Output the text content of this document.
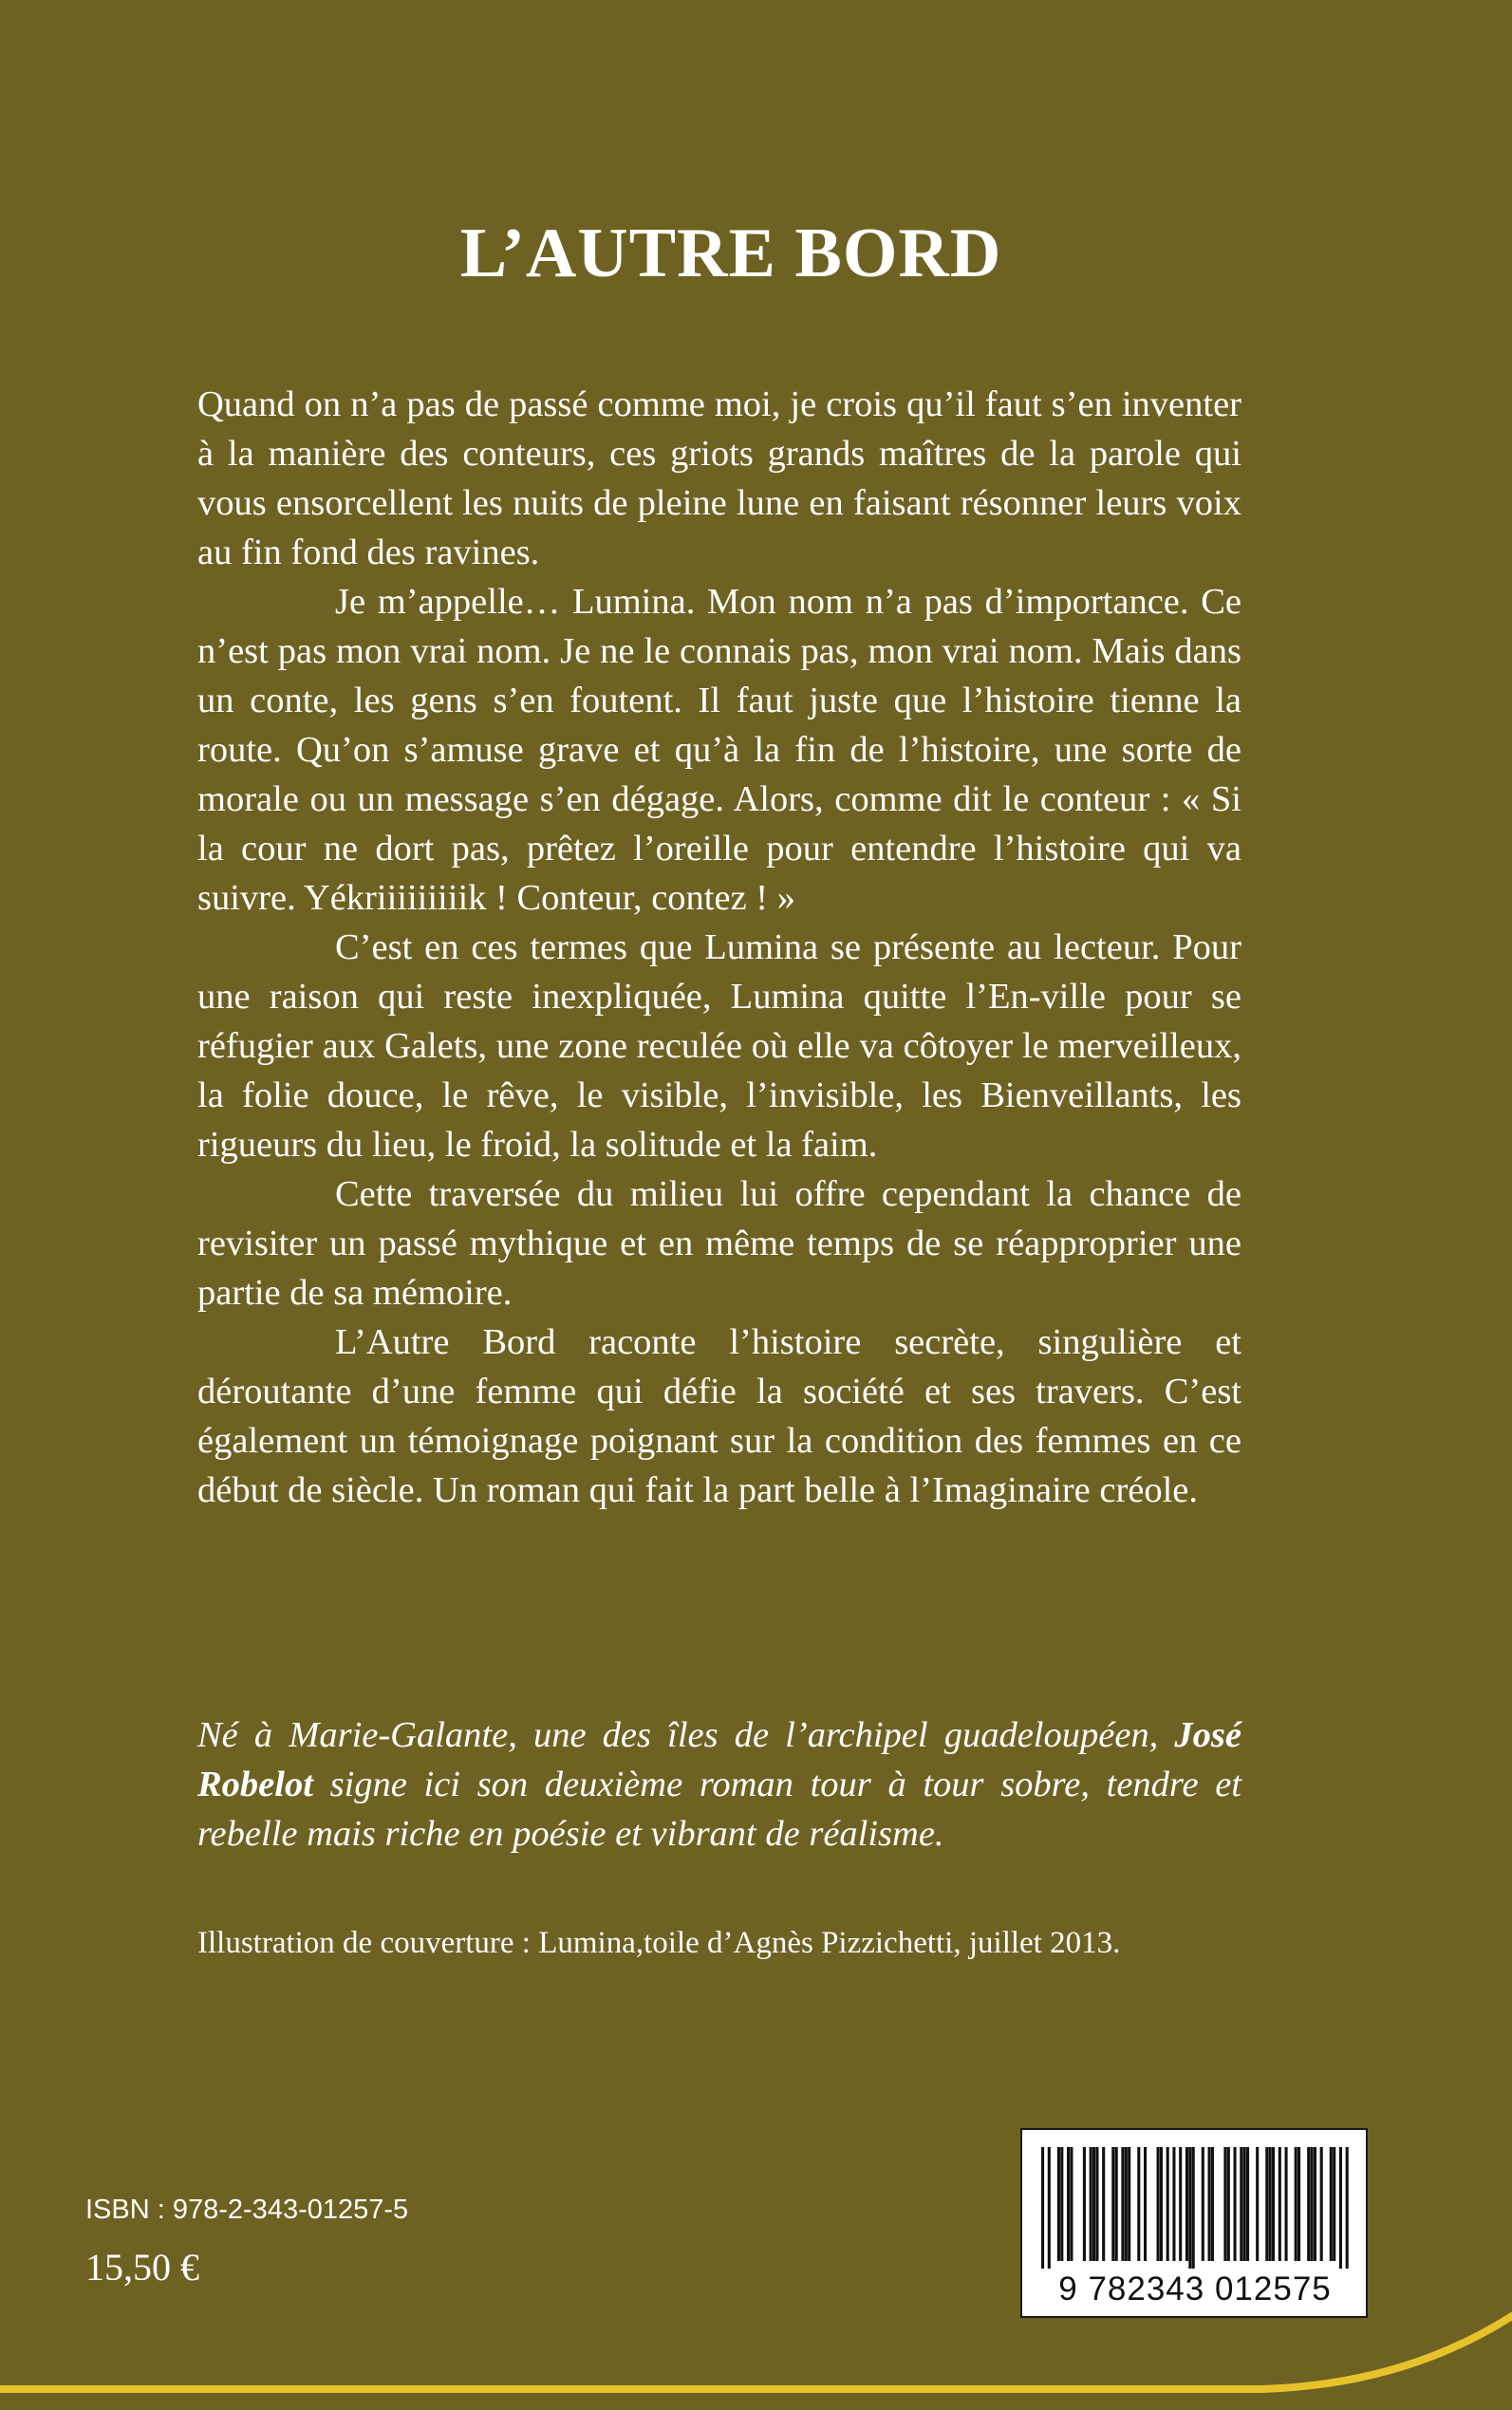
L’AUTRE BORD

Quand on n’a pas de passé comme moi, je crois qu’il faut s’en inventer à la manière des conteurs, ces griots grands maîtres de la parole qui vous ensorcellent les nuits de pleine lune en faisant résonner leurs voix au fin fond des ravines.

Je m’appelle… Lumina. Mon nom n’a pas d’importance. Ce n’est pas mon vrai nom. Je ne le connais pas, mon vrai nom. Mais dans un conte, les gens s’en foutent. Il faut juste que l’histoire tienne la route. Qu’on s’amuse grave et qu’à la fin de l’histoire, une sorte de morale ou un message s’en dégage. Alors, comme dit le conteur : « Si la cour ne dort pas, prêtez l’oreille pour entendre l’histoire qui va suivre. Yékriiiiiiiiik ! Conteur, contez ! »

C’est en ces termes que Lumina se présente au lecteur. Pour une raison qui reste inexpliquée, Lumina quitte l’En-ville pour se réfugier aux Galets, une zone reculée où elle va côtoyer le merveilleux, la folie douce, le rêve, le visible, l’invisible, les Bienveillants, les rigueurs du lieu, le froid, la solitude et la faim.

Cette traversée du milieu lui offre cependant la chance de revisiter un passé mythique et en même temps de se réapproprier une partie de sa mémoire.

L’Autre Bord raconte l’histoire secrète, singulière et déroutante d’une femme qui défie la société et ses travers. C’est également un témoignage poignant sur la condition des femmes en ce début de siècle. Un roman qui fait la part belle à l’Imaginaire créole.

Né à Marie-Galante, une des îles de l’archipel guadeloupéen, José Robelot signe ici son deuxième roman tour à tour sobre, tendre et rebelle mais riche en poésie et vibrant de réalisme.

Illustration de couverture : Lumina,toile d’Agnès Pizzichetti, juillet 2013.

ISBN : 978-2-343-01257-5

15,50 €

9 782343 012575
